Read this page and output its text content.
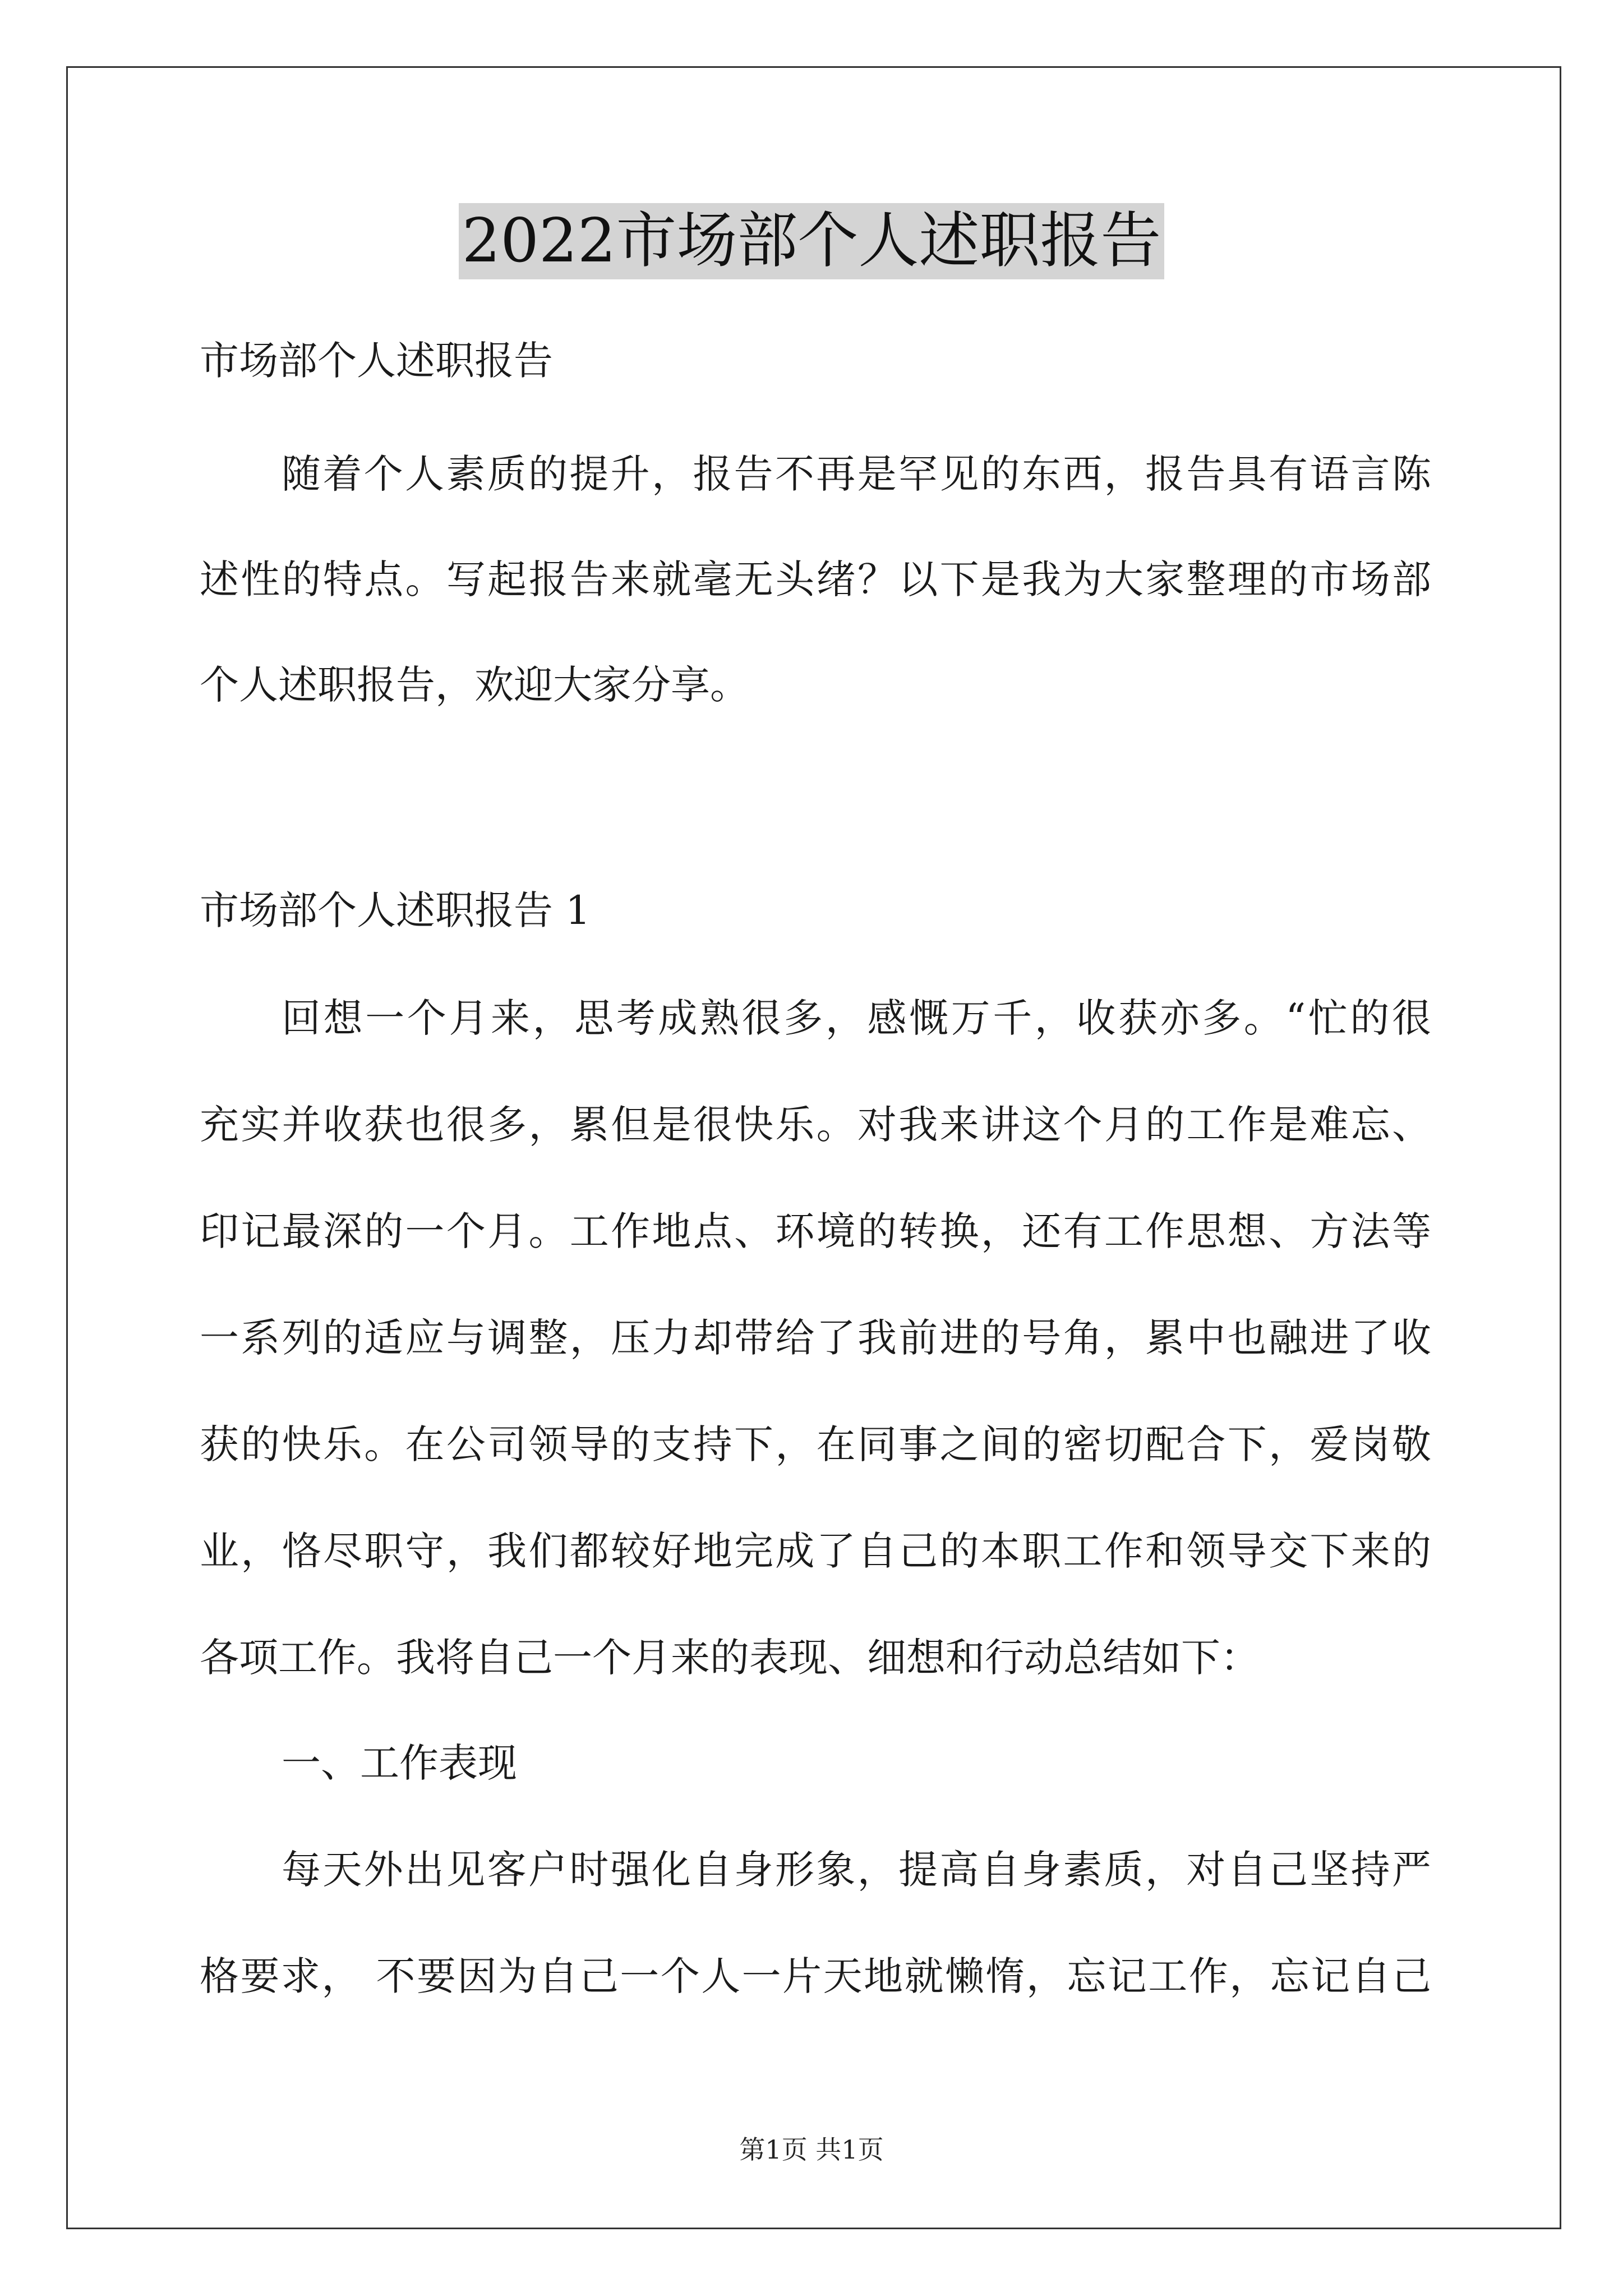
2022市场部个人述职报告
市场部个人述职报告
随着个人素质的提升，报告不再是罕见的东西，报告具有语言陈
述性的特点。写起报告来就毫无头绪？以下是我为大家整理的市场部
个人述职报告，欢迎大家分享。
市场部个人述职报告 1
回想一个月来，思考成熟很多，感慨万千，收获亦多。“忙的很
充实并收获也很多，累但是很快乐。对我来讲这个月的工作是难忘、
印记最深的一个月。工作地点、环境的转换，还有工作思想、方法等
一系列的适应与调整，压力却带给了我前进的号角，累中也融进了收
获的快乐。在公司领导的支持下，在同事之间的密切配合下，爱岗敬
业，恪尽职守，我们都较好地完成了自己的本职工作和领导交下来的
各项工作。我将自己一个月来的表现、细想和行动总结如下：
一、工作表现
每天外出见客户时强化自身形象，提高自身素质，对自己坚持严
格要求， 不要因为自己一个人一片天地就懒惰，忘记工作，忘记自己
第1页 共1页
